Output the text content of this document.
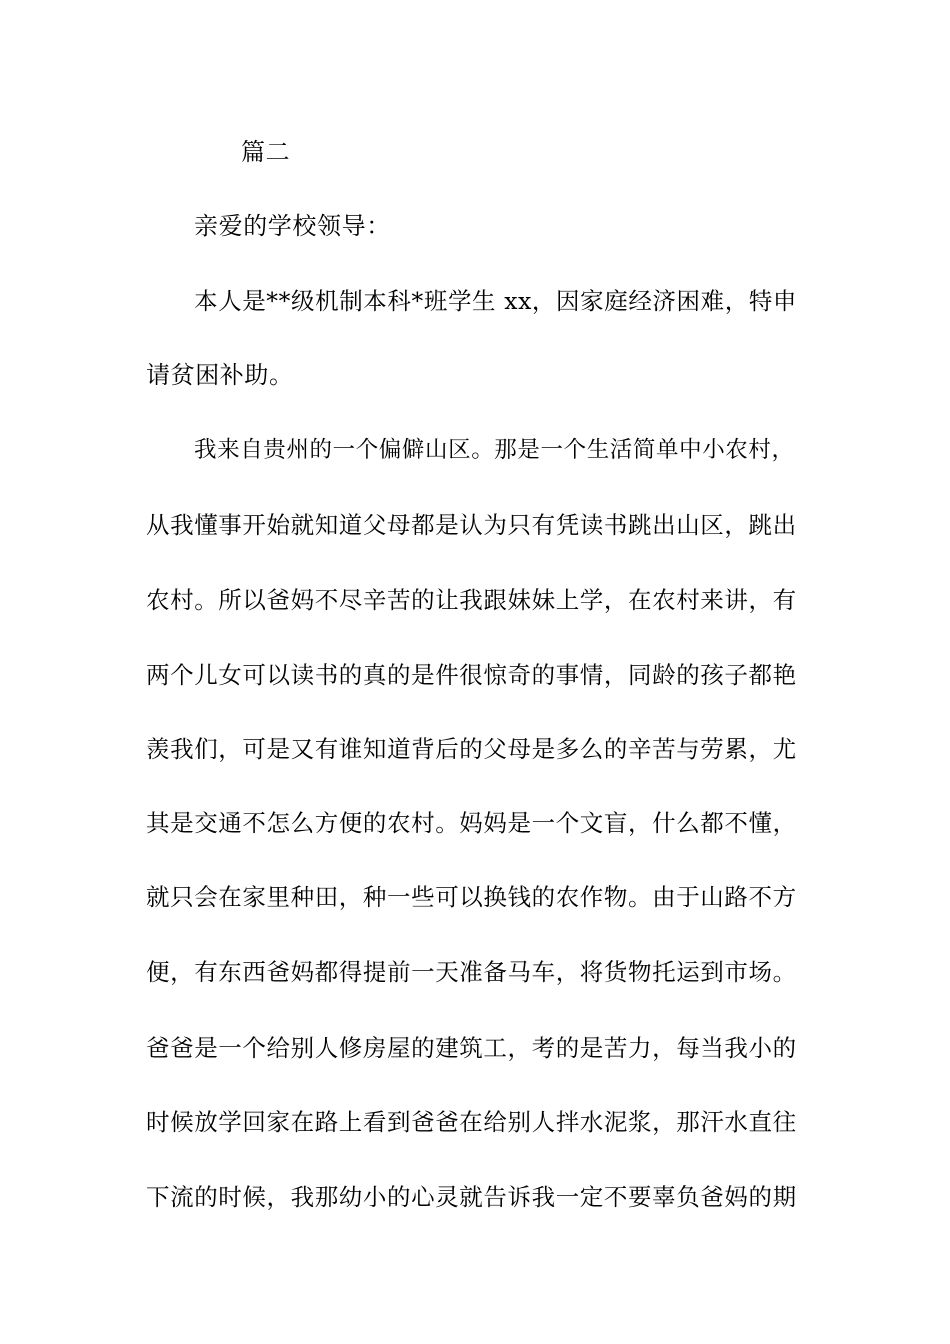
篇二
亲爱的学校领导：
本人是**级机制本科*班学生 xx，因家庭经济困难，特申
请贫困补助。
我来自贵州的一个偏僻山区。那是一个生活简单中小农村，
从我懂事开始就知道父母都是认为只有凭读书跳出山区，跳出
农村。所以爸妈不尽辛苦的让我跟妹妹上学，在农村来讲，有
两个儿女可以读书的真的是件很惊奇的事情，同龄的孩子都艳
羡我们，可是又有谁知道背后的父母是多么的辛苦与劳累，尤
其是交通不怎么方便的农村。妈妈是一个文盲，什么都不懂，
就只会在家里种田，种一些可以换钱的农作物。由于山路不方
便，有东西爸妈都得提前一天准备马车，将货物托运到市场。
爸爸是一个给别人修房屋的建筑工，考的是苦力，每当我小的
时候放学回家在路上看到爸爸在给别人拌水泥浆，那汗水直往
下流的时候，我那幼小的心灵就告诉我一定不要辜负爸妈的期
